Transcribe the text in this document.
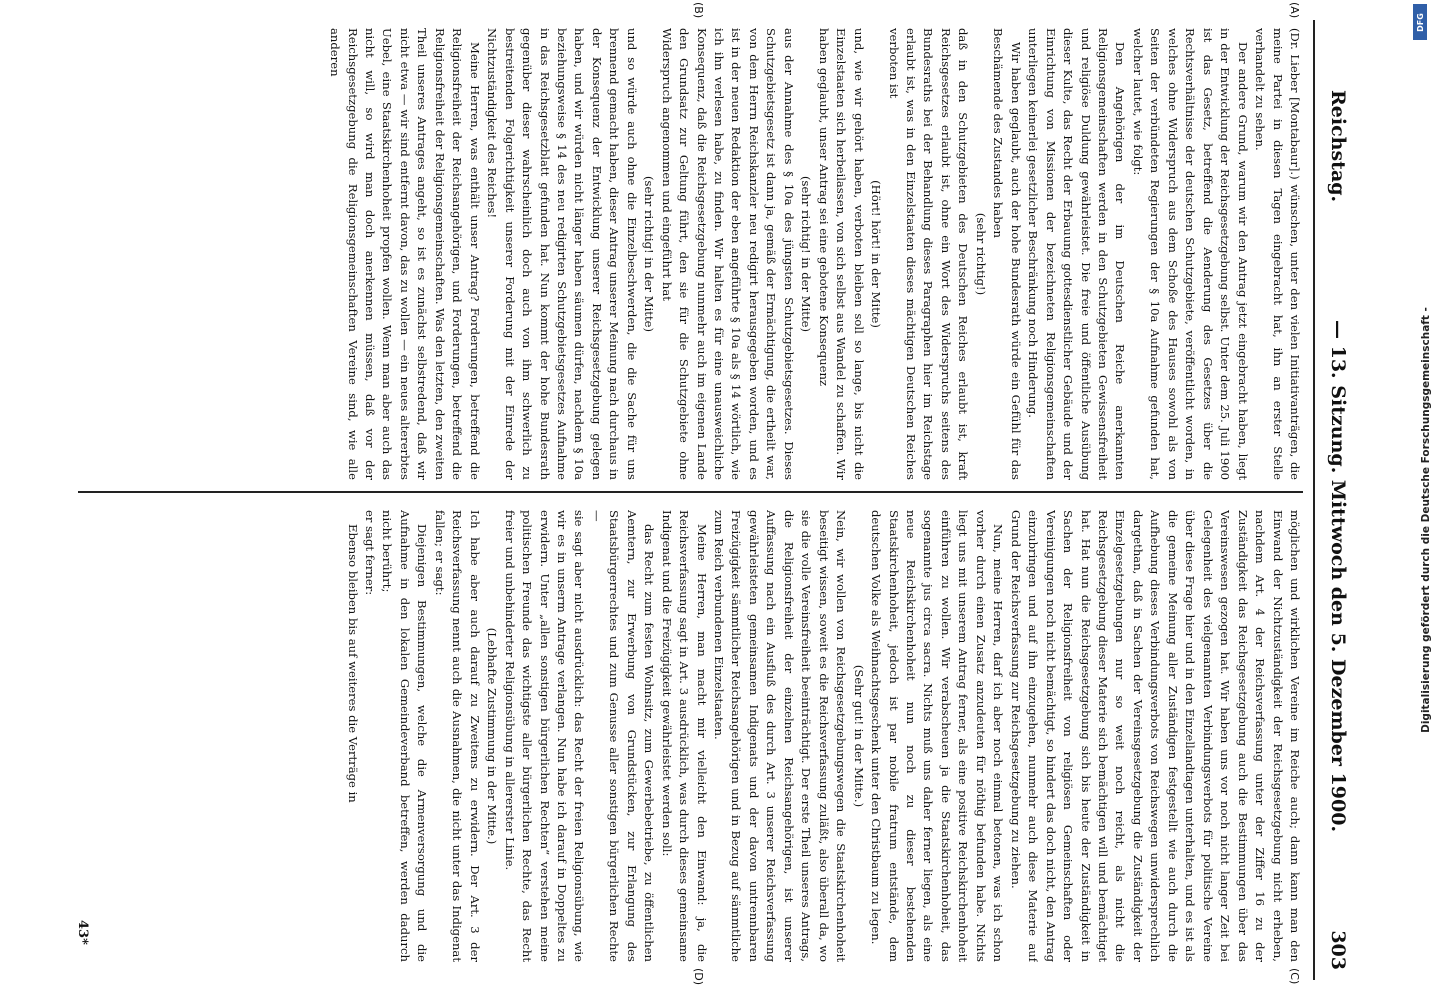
Reichstag.
— 13. Sitzung. Mittwoch den 5. Dezember 1900.
303
(A)
(B)
(C)
(D)

(Dr. Lieber [Montabaur].) wünschen, unter den vielen Initiativanträgen, die meine Partei in diesen Tagen eingebracht hat, ihn an erster Stelle verhandelt zu sehen.

Der andere Grund, warum wir den Antrag jetzt eingebracht haben, liegt in der Entwicklung der Reichsgesetzgebung selbst. Unter dem 25. Juli 1900 ist das Gesetz, betreffend die Aenderung des Gesetzes über die Rechtsverhältnisse der deutschen Schutzgebiete, veröffentlicht worden, in welches ohne Widerspruch aus dem Schoße des Hauses sowohl als von Seiten der verbündeten Regierungen der § 10a Aufnahme gefunden hat, welcher lautet, wie folgt:

Den Angehörigen der im Deutschen Reiche anerkannten Religionsgemeinschaften werden in den Schutzgebieten Gewissensfreiheit und religiöse Duldung gewährleistet. Die freie und öffentliche Ausübung dieser Kulte, das Recht der Erbauung gottesdienstlicher Gebäude und der Einrichtung von Missionen der bezeichneten Religionsgemeinschaften unterliegen keinerlei gesetzlicher Beschränkung noch Hinderung.

Wir haben geglaubt, auch der hohe Bundesrath würde ein Gefühl für das Beschämende des Zustandes haben

(sehr richtig!)

daß in den Schutzgebieten des Deutschen Reiches erlaubt ist, kraft Reichsgesetzes erlaubt ist, ohne ein Wort des Widerspruchs seitens des Bundesraths bei der Behandlung dieses Paragraphen hier im Reichstage erlaubt ist, was in den Einzelstaaten dieses mächtigen Deutschen Reiches verboten ist

(Hört! hört! in der Mitte)

und, wie wir gehört haben, verboten bleiben soll so lange, bis nicht die Einzelstaaten sich herbeilassen, von sich selbst aus Wandel zu schaffen. Wir haben geglaubt, unser Antrag sei eine gebotene Konsequenz

(sehr richtig! in der Mitte)

aus der Annahme des § 10a des jüngsten Schutzgebietsgesetzes. Dieses Schutzgebietsgesetz ist dann ja, gemäß der Ermächtigung, die ertheilt war, von dem Herrn Reichskanzler neu redigirt herausgegeben worden, und es ist in der neuen Redaktion der eben angeführte § 10a als § 14 wörtlich, wie ich ihn verlesen habe, zu finden. Wir halten es für eine unausweichliche Konsequenz, daß die Reichsgesetzgebung nunmehr auch im eigenen Lande den Grundsatz zur Geltung führt, den sie für die Schutzgebiete ohne Widerspruch angenommen und eingeführt hat

(sehr richtig! in der Mitte)

und so würde auch ohne die Einzelbeschwerden, die die Sache für uns brennend gemacht haben, dieser Antrag unserer Meinung nach durchaus in der Konsequenz der Entwicklung unserer Reichsgesetzgebung gelegen haben, und wir würden nicht länger haben säumen dürfen, nachdem § 10a beziehungsweise § 14 des neu redigirten Schutzgebietsgesetzes Aufnahme in das Reichsgesetzblatt gefunden hat. Nun kommt der hohe Bundesrath gegenüber dieser wahrscheinlich doch auch von ihm schwerlich zu bestreitenden Folgerichtigkeit unserer Forderung mit der Einrede der Nichtzuständigkeit des Reiches!

Meine Herren, was enthält unser Antrag? Forderungen, betreffend die Religionsfreiheit der Reichsangehörigen, und Forderungen, betreffend die Religionsfreiheit der Religionsgemeinschaften. Was den letzten, den zweiten Theil unseres Antrages angeht, so ist es zunächst selbstredend, daß wir nicht etwa — wir sind entfernt davon, das zu wollen — ein neues altererbtes Uebel, eine Staatskirchenhoheit propfen wollen. Wenn man aber auch das nicht will, so wird man doch anerkennen müssen, daß vor der Reichsgesetzgebung die Religionsgemeinschaften Vereine sind, wie alle anderen

möglichen und wirklichen Vereine im Reiche auch; dann kann man den Einwand der Nichtzuständigkeit der Reichsgesetzgebung nicht erheben, nachdem Art. 4 der Reichsverfassung unter der Ziffer 16 zu der Zuständigkeit das Reichsgesetzgebung auch die Bestimmungen über das Vereinswesen gezogen hat. Wir haben uns vor noch nicht langer Zeit bei Gelegenheit des vielgenannten Verbindungsverbots für politische Vereine über diese Frage hier und in den Einzellandtagen unterhalten, und es ist als die gemeine Meinung aller Zuständigen festgestellt wie auch durch die Aufhebung dieses Verbindungsverbots von Reichswegen unwidersprechlich dargethan, daß in Sachen der Vereinsgesetzgebung die Zuständigkeit der Einzelgesetzgebungen nur so weit noch reicht, als nicht die Reichsgesetzgebung dieser Materie sich bemächtigen will und bemächtiget hat. Hat nun die Reichsgesetzgebung sich bis heute der Zuständigkeit in Sachen der Religionsfreiheit von religiösen Gemeinschaften oder Vereinigungen noch nicht bemächtigt, so hindert das doch nicht, den Antrag einzubringen und auf ihn einzugehen, nunmehr auch diese Materie auf Grund der Reichsverfassung zur Reichsgesetzgebung zu ziehen.

Nun, meine Herren, darf ich aber noch einmal betonen, was ich schon vorher durch einen Zusatz anzudeuten für nöthig befunden habe. Nichts liegt uns mit unserem Antrag ferner, als eine positive Reichskirchenhoheit einführen zu wollen. Wir verabscheuen ja die Staatskirchenhoheit, das sogenannte jus circa sacra. Nichts muß uns daher ferner liegen, als eine neue Reichskirchenhoheit nun noch zu dieser bestehenden Staatskirchenhoheit, jedoch ist par nobile fratrum entstände, dem deutschen Volke als Weihnachtsgeschenk unter den Christbaum zu legen.

(Sehr gut! in der Mitte.)

Nein, wir wollen von Reichsgesetzgebungswegen die Staatskirchenhoheit beseitigt wissen, soweit es die Reichsverfassung zuläßt, also überall da, wo sie die volle Vereinsfreiheit beeinträchtigt. Der erste Theil unseres Antrags, die Religionsfreiheit der einzelnen Reichsangehörigen, ist unserer Auffassung nach ein Ausfluß des durch Art. 3 unserer Reichsverfassung gewährleisteten gemeinsamen Indigenats und der davon untrennbaren Freizügigkeit sämmtlicher Reichsangehörigen und in Bezug auf sämmtliche zum Reich verbundenen Einzelstaaten.

Meine Herren, man macht mir vielleicht den Einwand: ja, die Reichsverfassung sagt in Art. 3 ausdrücklich, was durch dieses gemeinsame Indigenat und die Freizügigkeit gewährleistet werden soll:

das Recht zum festen Wohnsitz, zum Gewerbebetriebe, zu öffentlichen Aemtern, zur Erwerbung von Grundstücken, zur Erlangung des Staatsbürgerrechtes und zum Genusse aller sonstigen bürgerlichen Rechte —

sie sagt aber nicht ausdrücklich: das Recht der freien Religionsübung, wie wir es in unserm Antrage verlangen. Nun habe ich darauf in Doppeltes zu erwidern. Unter „allen sonstigen bürgerlichen Rechten“ verstehen meine politischen Freunde das wichtigste aller bürgerlichen Rechte, das Recht freier und unbehinderter Religionsübung in allererster Linie.

(Lebhafte Zustimmung in der Mitte.)

Ich habe aber auch darauf zu Zweitens zu erwidern. Der Art. 3 der Reichsverfassung nennt auch die Ausnahmen, die nicht unter das Indigenat fallen; er sagt:

Diejenigen Bestimmungen, welche die Armenversorgung und die Aufnahme in den lokalen Gemeindeverband betreffen, werden dadurch nicht berührt;

er sagt ferner:

Ebenso bleiben bis auf weiteres die Verträge in

43*
DFG
Digitalisierung gefördert durch die Deutsche Forschungsgemeinschaft -
